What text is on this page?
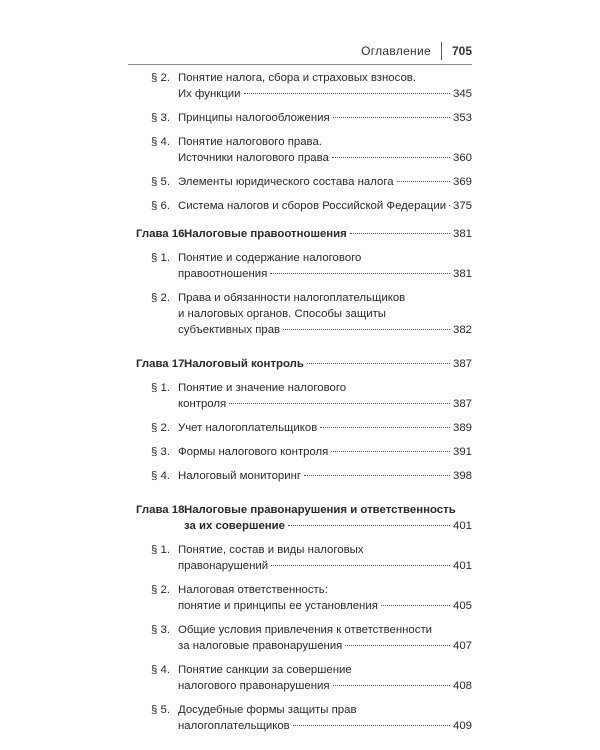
Оглавление 705
§ 2. Понятие налога, сбора и страховых взносов.
Их функции	345
§ 3. Принципы налогообложения	353
§ 4. Понятие налогового права.
Источники налогового права	360
§ 5. Элементы юридического состава налога	369
§ 6. Система налогов и сборов Российской Федерации 375
Глава 16.
Налоговые правоотношения	381
§ 1. Понятие и содержание налогового
правоотношения	381
§ 2. Права и обязанности налогоплательщиков
и налоговых органов. Способы защиты
субъективных прав	382
Глава 17.
Налоговый контроль	387
§ 1. Понятие и значение налогового
контроля	387
§ 2. Учет налогоплательщиков	389
§ 3. Формы налогового контроля	391
§ 4. Налоговый мониторинг	398
Глава 18.
Налоговые правонарушения и ответственность
за их совершение	401
§ 1. Понятие, состав и виды налоговых
правонарушений	401
§ 2. Налоговая ответственность:
понятие и принципы ее установления	405
§ 3. Общие условия привлечения к ответственности
за налоговые правонарушения	407
§ 4. Понятие санкции за совершение
налогового правонарушения	408
§ 5. Досудебные формы защиты прав
налогоплательщиков	409
